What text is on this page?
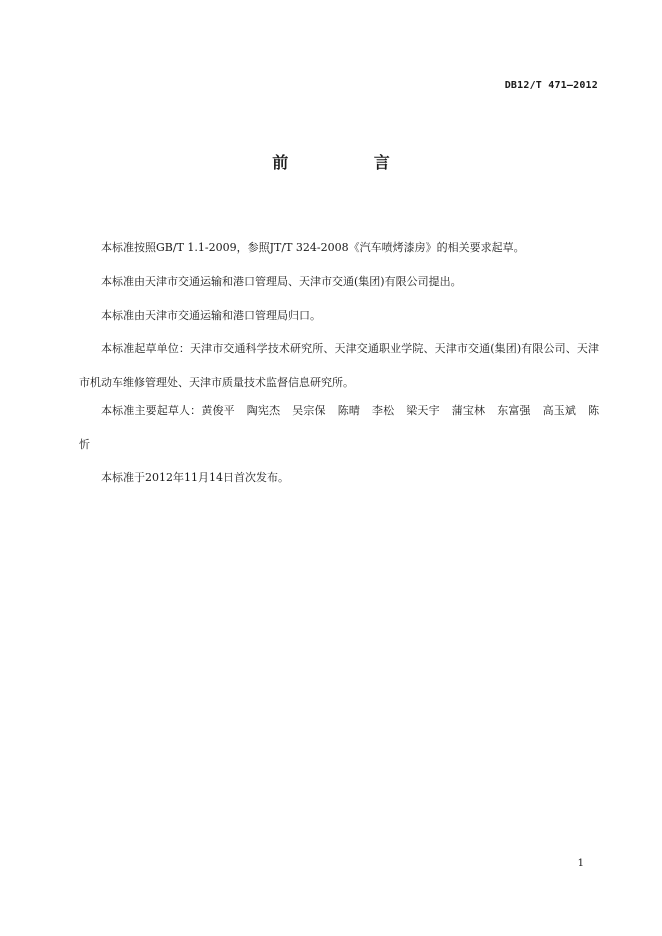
DB12/T 471—2012
前 言

本标准按照GB/T 1.1-2009，参照JT/T 324-2008《汽车喷烤漆房》的相关要求起草。

本标准由天津市交通运输和港口管理局、天津市交通(集团)有限公司提出。

本标准由天津市交通运输和港口管理局归口。

本标准起草单位：天津市交通科学技术研究所、天津交通职业学院、天津市交通(集团)有限公司、天津市机动车维修管理处、天津市质量技术监督信息研究所。

本标准主要起草人：黄俊平 陶宪杰 吴宗保 陈晴 李松 梁天宇 蒲宝林 东富强 高玉斌 陈忻

本标准于2012年11月14日首次发布。

1
